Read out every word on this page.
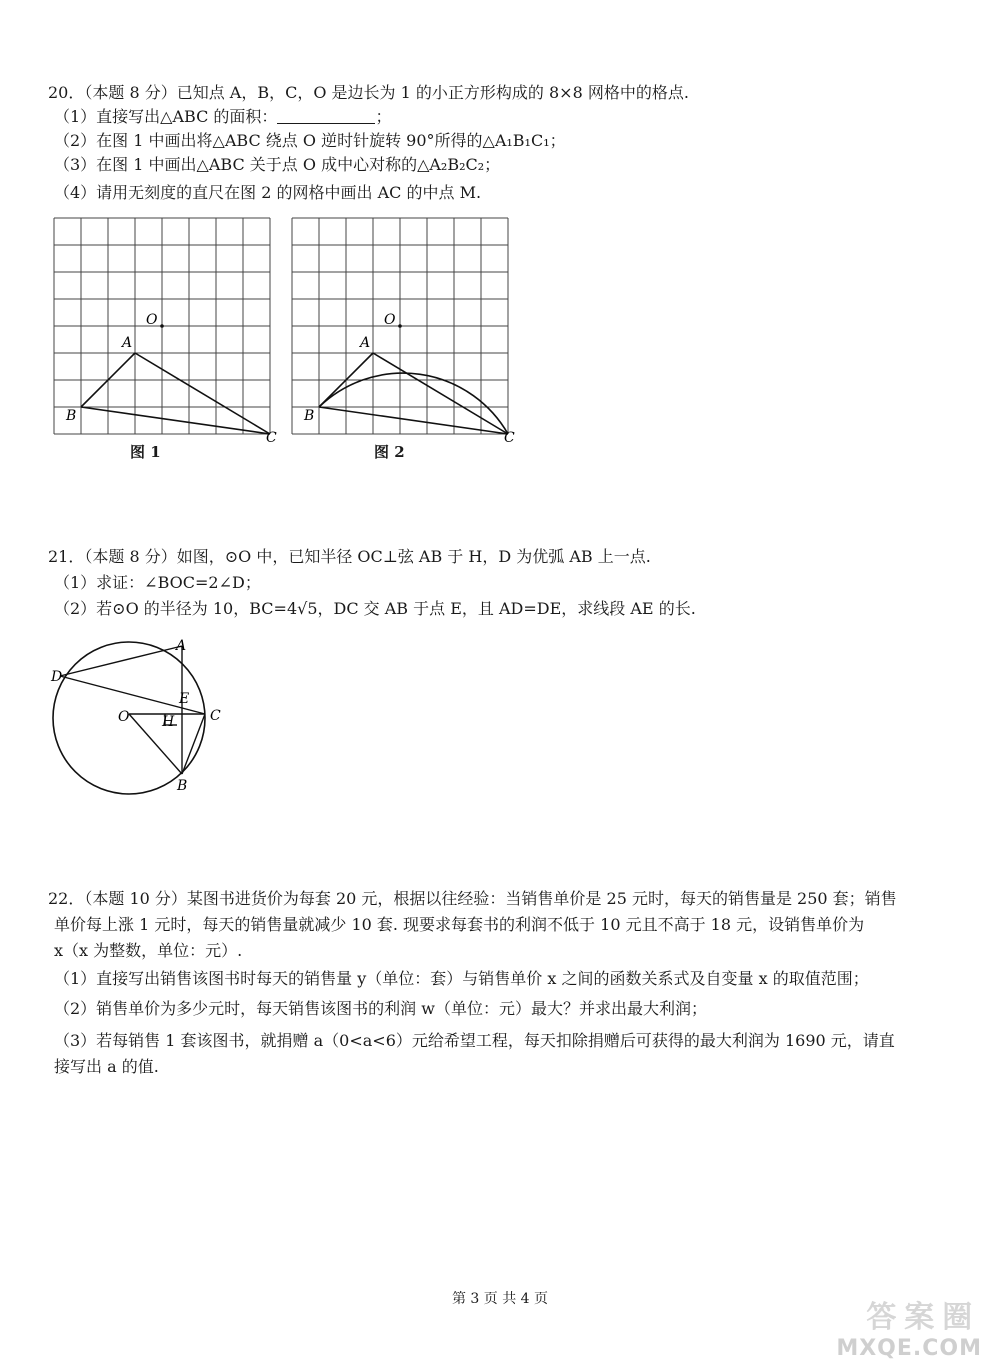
20．（本题 8 分）已知点 A，B，C，O 是边长为 1 的小正方形构成的 8×8 网格中的格点.
（1）直接写出△ABC 的面积：	；
（2）在图 1 中画出将△ABC 绕点 O 逆时针旋转 90°所得的△A₁B₁C₁；
（3）在图 1 中画出△ABC 关于点 O 成中心对称的△A₂B₂C₂；
（4）请用无刻度的直尺在图 2 的网格中画出 AC 的中点 M.
O
A
B
C
图 1
O
A
B
C
图 2
21．（本题 8 分）如图，⊙O 中，已知半径 OC⊥弦 AB 于 H，D 为优弧 AB 上一点.
（1）求证：∠BOC=2∠D；
（2）若⊙O 的半径为 10，BC=4√5，DC 交 AB 于点 E，且 AD=DE，求线段 AE 的长.
A
D
E
O H	C
B
22．（本题 10 分）某图书进货价为每套 20 元，根据以往经验：当销售单价是 25 元时，每天的销售量是 250 套；销售
单价每上涨 1 元时，每天的销售量就减少 10 套. 现要求每套书的利润不低于 10 元且不高于 18 元，设销售单价为
x（x 为整数，单位：元）.
（1）直接写出销售该图书时每天的销售量 y（单位：套）与销售单价 x 之间的函数关系式及自变量 x 的取值范围；
（2）销售单价为多少元时，每天销售该图书的利润 w（单位：元）最大？并求出最大利润；
（3）若每销售 1 套该图书，就捐赠 a（0<a<6）元给希望工程，每天扣除捐赠后可获得的最大利润为 1690 元，请直
接写出 a 的值.
第 3 页 共 4 页
答案圈
MXQE.COM
